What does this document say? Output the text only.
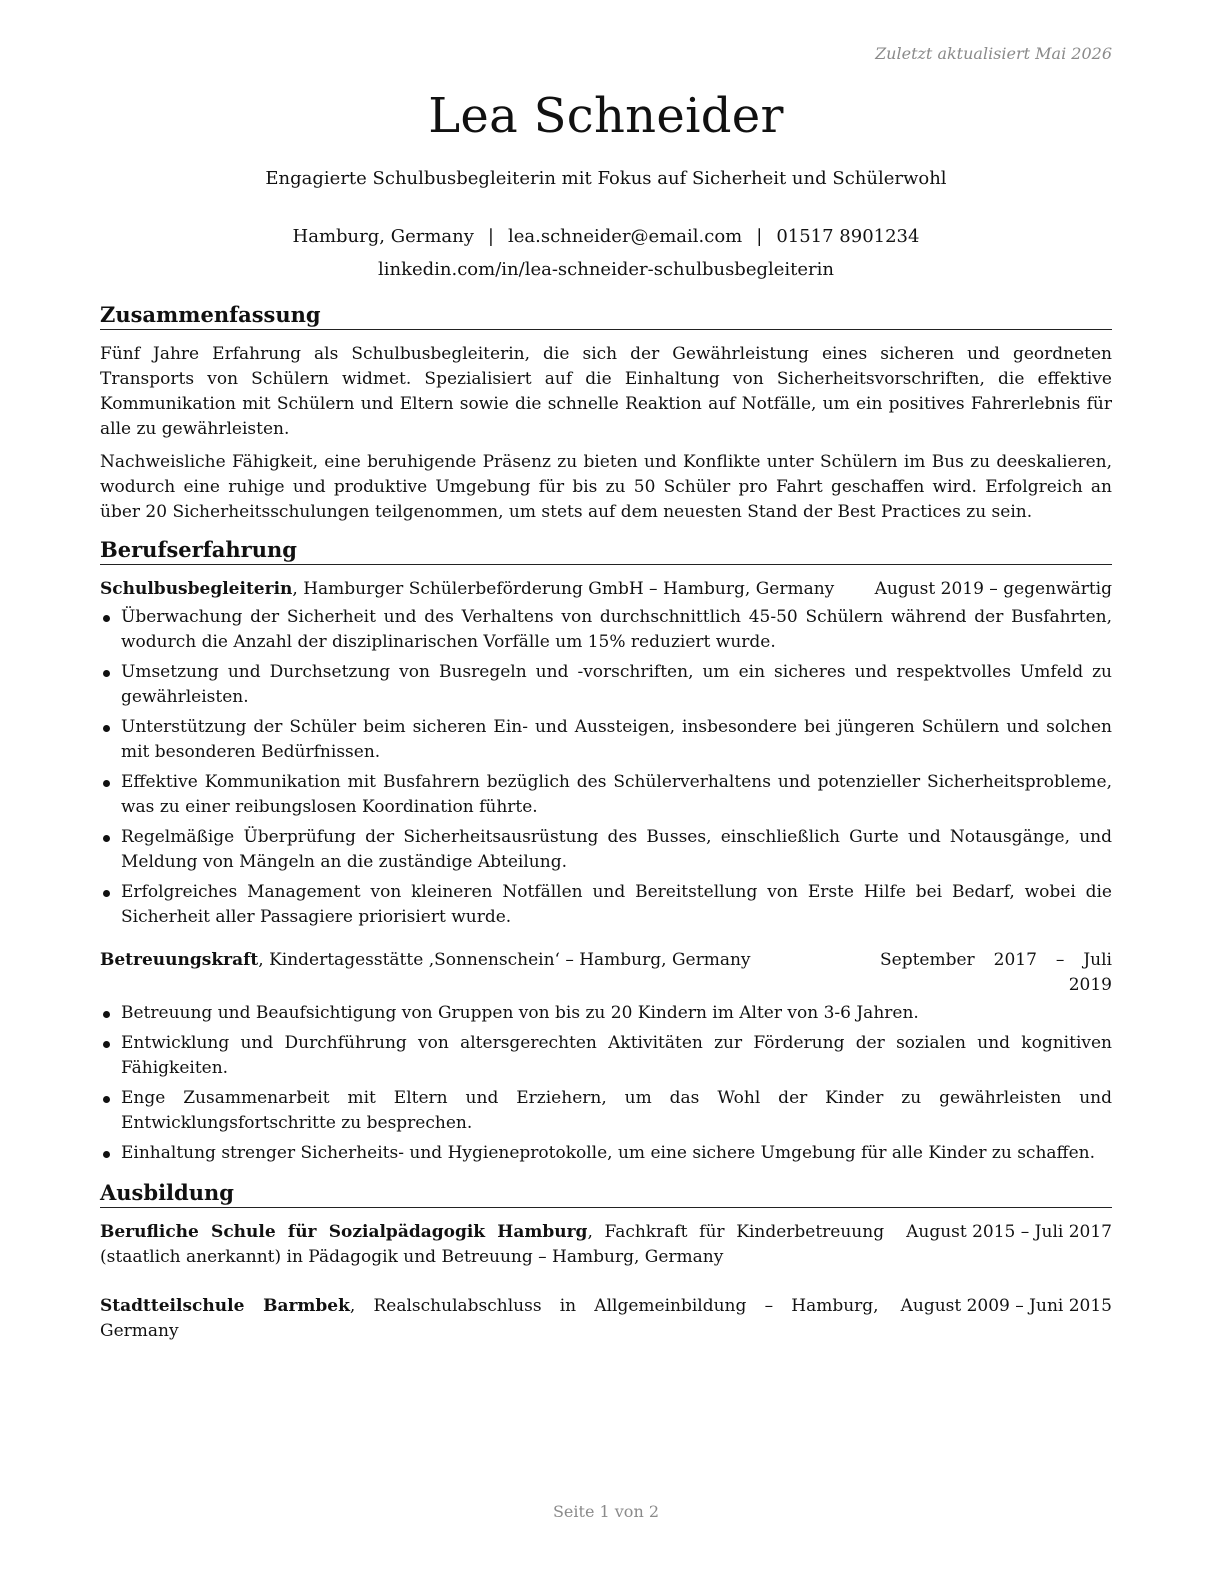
Zuletzt aktualisiert Mai 2026
Lea Schneider
Engagierte Schulbusbegleiterin mit Fokus auf Sicherheit und Schülerwohl
Hamburg, Germany | lea.schneider@email.com | 01517 8901234
linkedin.com/in/lea-schneider-schulbusbegleiterin
Zusammenfassung

Fünf Jahre Erfahrung als Schulbusbegleiterin, die sich der Gewährleistung eines sicheren und geordneten Transports von Schülern widmet. Spezialisiert auf die Einhaltung von Sicherheitsvorschriften, die effektive Kommunikation mit Schülern und Eltern sowie die schnelle Reaktion auf Notfälle, um ein positives Fahrerlebnis für alle zu gewährleisten.

Nachweisliche Fähigkeit, eine beruhigende Präsenz zu bieten und Konflikte unter Schülern im Bus zu deeskalieren, wodurch eine ruhige und produktive Umgebung für bis zu 50 Schüler pro Fahrt geschaffen wird. Erfolgreich an über 20 Sicherheitsschulungen teilgenommen, um stets auf dem neuesten Stand der Best Practices zu sein.

Berufserfahrung
Schulbusbegleiterin, Hamburger Schülerbeförderung GmbH – Hamburg, Germany	August 2019 – gegenwärtig
Überwachung der Sicherheit und des Verhaltens von durchschnittlich 45-50 Schülern während der Busfahrten, wodurch die Anzahl der disziplinarischen Vorfälle um 15% reduziert wurde.
Umsetzung und Durchsetzung von Busregeln und -vorschriften, um ein sicheres und respektvolles Umfeld zu gewährleisten.
Unterstützung der Schüler beim sicheren Ein- und Aussteigen, insbesondere bei jüngeren Schülern und solchen mit besonderen Bedürfnissen.
Effektive Kommunikation mit Busfahrern bezüglich des Schülerverhaltens und potenzieller Sicherheitsprobleme, was zu einer reibungslosen Koordination führte.
Regelmäßige Überprüfung der Sicherheitsausrüstung des Busses, einschließlich Gurte und Notausgänge, und Meldung von Mängeln an die zuständige Abteilung.
Erfolgreiches Management von kleineren Notfällen und Bereitstellung von Erste Hilfe bei Bedarf, wobei die Sicherheit aller Passagiere priorisiert wurde.
Betreuungskraft, Kindertagesstätte ‚Sonnenschein‘ – Hamburg, Germany	September 2017 – Juli 2019
Betreuung und Beaufsichtigung von Gruppen von bis zu 20 Kindern im Alter von 3-6 Jahren.
Entwicklung und Durchführung von altersgerechten Aktivitäten zur Förderung der sozialen und kognitiven Fähigkeiten.
Enge Zusammenarbeit mit Eltern und Erziehern, um das Wohl der Kinder zu gewährleisten und Entwicklungsfortschritte zu besprechen.
Einhaltung strenger Sicherheits- und Hygieneprotokolle, um eine sichere Umgebung für alle Kinder zu schaffen.
Ausbildung
Berufliche Schule für Sozialpädagogik Hamburg, Fachkraft für Kinderbetreuung (staatlich anerkannt) in Pädagogik und Betreuung – Hamburg, Germany
August 2015 – Juli 2017
Stadtteilschule Barmbek, Realschulabschluss in Allgemeinbildung – Hamburg, Germany
August 2009 – Juni 2015
Seite 1 von 2
